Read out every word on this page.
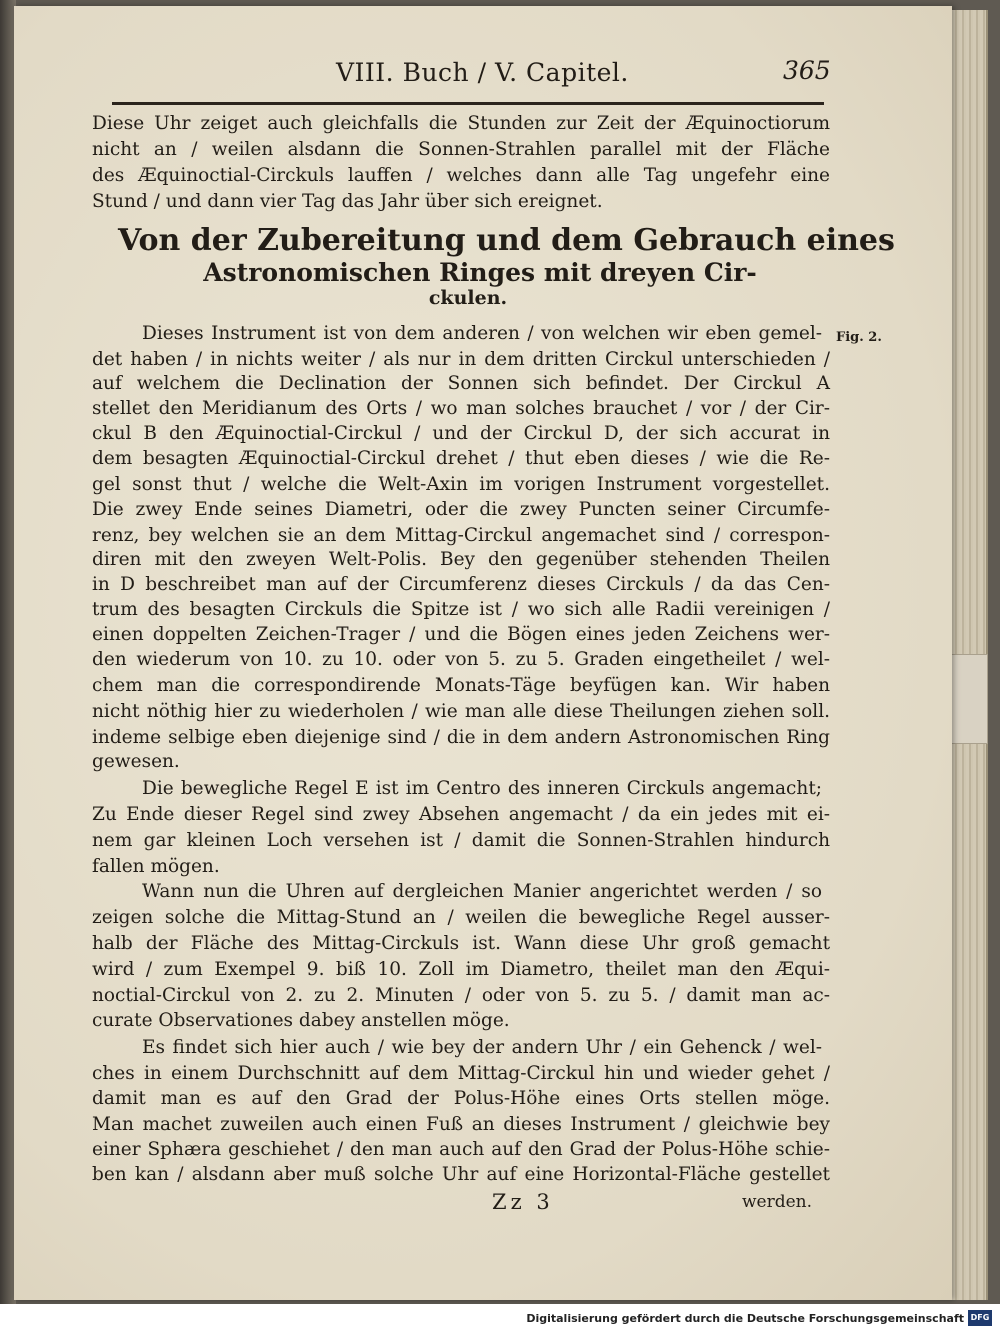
VIII. Buch / V. Capitel.	365

Diese Uhr zeiget auch gleichfalls die Stunden zur Zeit der Æquinoctiorum

nicht an / weilen alsdann die Sonnen-Strahlen parallel mit der Fläche

des Æquinoctial-Circkuls lauffen / welches dann alle Tag ungefehr eine

Stund / und dann vier Tag das Jahr über sich ereignet.

Von der Zubereitung und dem Gebrauch eines
Astronomischen Ringes mit dreyen Cir-
ckulen.
Fig. 2.

Dieses Instrument ist von dem anderen / von welchen wir eben gemel-

det haben / in nichts weiter / als nur in dem dritten Circkul unterschieden /

auf welchem die Declination der Sonnen sich befindet. Der Circkul A

stellet den Meridianum des Orts / wo man solches brauchet / vor / der Cir-

ckul B den Æquinoctial-Circkul / und der Circkul D, der sich accurat in

dem besagten Æquinoctial-Circkul drehet / thut eben dieses / wie die Re-

gel sonst thut / welche die Welt-Axin im vorigen Instrument vorgestellet.

Die zwey Ende seines Diametri, oder die zwey Puncten seiner Circumfe-

renz, bey welchen sie an dem Mittag-Circkul angemachet sind / correspon-

diren mit den zweyen Welt-Polis. Bey den gegenüber stehenden Theilen

in D beschreibet man auf der Circumferenz dieses Circkuls / da das Cen-

trum des besagten Circkuls die Spitze ist / wo sich alle Radii vereinigen /

einen doppelten Zeichen-Trager / und die Bögen eines jeden Zeichens wer-

den wiederum von 10. zu 10. oder von 5. zu 5. Graden eingetheilet / wel-

chem man die correspondirende Monats-Täge beyfügen kan. Wir haben

nicht nöthig hier zu wiederholen / wie man alle diese Theilungen ziehen soll.

indeme selbige eben diejenige sind / die in dem andern Astronomischen Ring

gewesen.

Die bewegliche Regel E ist im Centro des inneren Circkuls angemacht;

Zu Ende dieser Regel sind zwey Absehen angemacht / da ein jedes mit ei-

nem gar kleinen Loch versehen ist / damit die Sonnen-Strahlen hindurch

fallen mögen.

Wann nun die Uhren auf dergleichen Manier angerichtet werden / so

zeigen solche die Mittag-Stund an / weilen die bewegliche Regel ausser-

halb der Fläche des Mittag-Circkuls ist. Wann diese Uhr groß gemacht

wird / zum Exempel 9. biß 10. Zoll im Diametro, theilet man den Æqui-

noctial-Circkul von 2. zu 2. Minuten / oder von 5. zu 5. / damit man ac-

curate Observationes dabey anstellen möge.

Es findet sich hier auch / wie bey der andern Uhr / ein Gehenck / wel-

ches in einem Durchschnitt auf dem Mittag-Circkul hin und wieder gehet /

damit man es auf den Grad der Polus-Höhe eines Orts stellen möge.

Man machet zuweilen auch einen Fuß an dieses Instrument / gleichwie bey

einer Sphæra geschiehet / den man auch auf den Grad der Polus-Höhe schie-

ben kan / alsdann aber muß solche Uhr auf eine Horizontal-Fläche gestellet

Zz 3	werden.
Digitalisierung gefördert durch die Deutsche Forschungsgemeinschaft DFG
